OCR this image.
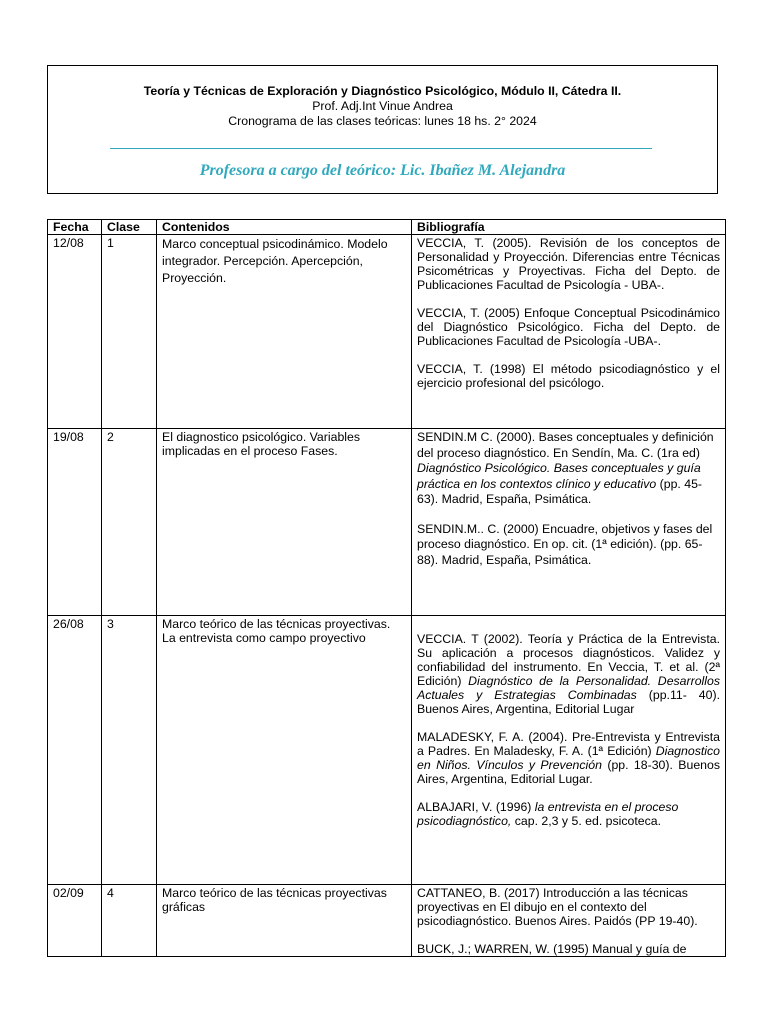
Teoría y Técnicas de Exploración y Diagnóstico Psicológico, Módulo II, Cátedra II.
Prof. Adj.Int Vinue Andrea
Cronograma de las clases teóricas: lunes 18 hs. 2° 2024
Profesora a cargo del teórico: Lic. Ibañez M. Alejandra
Fecha	Clase	Contenidos	Bibliografía
12/08	1	Marco conceptual psicodinámico. Modelo integrador. Percepción. Apercepción, Proyección.	VECCIA, T. (2005). Revisión de los conceptos de Personalidad y Proyección. Diferencias entre Técnicas Psicométricas y Proyectivas. Ficha del Depto. de Publicaciones Facultad de Psicología - UBA-.

VECCIA, T. (2005) Enfoque Conceptual Psicodinámico del Diagnóstico Psicológico. Ficha del Depto. de Publicaciones Facultad de Psicología -UBA-.

VECCIA, T. (1998) El método psicodiagnóstico y el ejercicio profesional del psicólogo.

19/08	2	El diagnostico psicológico. Variables implicadas en el proceso Fases.	SENDIN.M C. (2000). Bases conceptuales y definición del proceso diagnóstico. En Sendín, Ma. C. (1ra ed) Diagnóstico Psicológico. Bases conceptuales y guía práctica en los contextos clínico y educativo (pp. 45- 63). Madrid, España, Psimática.

SENDIN.M.. C. (2000) Encuadre, objetivos y fases del proceso diagnóstico. En op. cit. (1ª edición). (pp. 65- 88). Madrid, España, Psimática.

26/08	3	Marco teórico de las técnicas proyectivas. La entrevista como campo proyectivo	VECCIA. T (2002). Teoría y Práctica de la Entrevista. Su aplicación a procesos diagnósticos. Validez y confiabilidad del instrumento. En Veccia, T. et al. (2ª Edición) Diagnóstico de la Personalidad. Desarrollos Actuales y Estrategias Combinadas (pp.11- 40). Buenos Aires, Argentina, Editorial Lugar

MALADESKY, F. A. (2004). Pre-Entrevista y Entrevista a Padres. En Maladesky, F. A. (1ª Edición) Diagnostico en Niños. Vínculos y Prevención (pp. 18-30). Buenos Aires, Argentina, Editorial Lugar.

ALBAJARI, V. (1996) la entrevista en el proceso psicodiagnóstico, cap. 2,3 y 5. ed. psicoteca.

02/09	4	Marco teórico de las técnicas proyectivas gráficas	CATTANEO, B. (2017) Introducción a las técnicas proyectivas en El dibujo en el contexto del psicodiagnóstico. Buenos Aires. Paidós (PP 19-40).

BUCK, J.; WARREN, W. (1995) Manual y guía de
